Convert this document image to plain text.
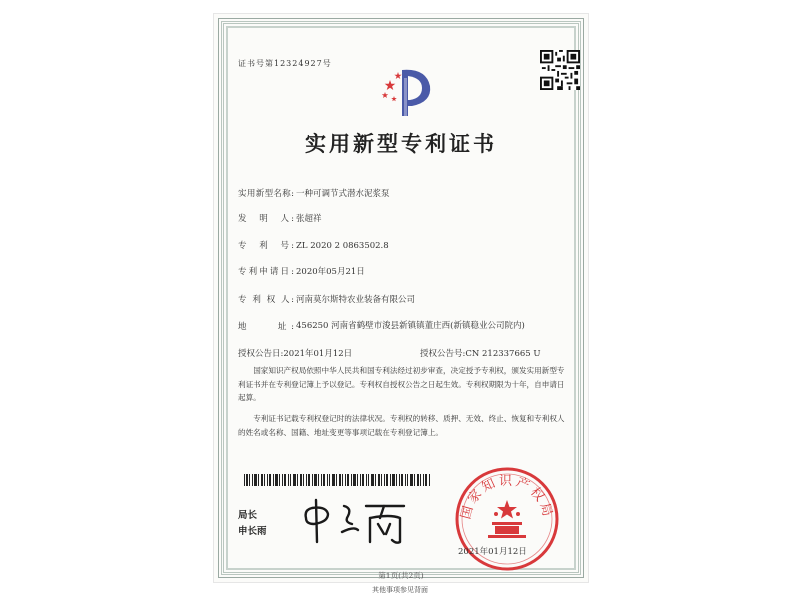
证书号第12324927号
实用新型专利证书
实用新型名称: 一种可调节式潜水泥浆泵
发　明　人: 张超祥
专　利　号: ZL 2020 2 0863502.8
专利申请日: 2020年05月21日
专 利 权 人: 河南莫尔斯特农业装备有限公司
地　　址: 456250 河南省鹤壁市浚县新镇镇董庄西(新镇稳业公司院内)
授权公告日:2021年01月12日	授权公告号:CN 212337665 U
国家知识产权局依照中华人民共和国专利法经过初步审查，决定授予专利权，颁发实用新型专利证书并在专利登记簿上予以登记。专利权自授权公告之日起生效。专利权期限为十年，自申请日起算。
专利证书记载专利权登记时的法律状况。专利权的转移、质押、无效、终止、恢复和专利权人的姓名或名称、国籍、地址变更等事项记载在专利登记簿上。
局长
申长雨
国家知识产权局
2021年01月12日
第1页(共2页)
其他事项参见背面
